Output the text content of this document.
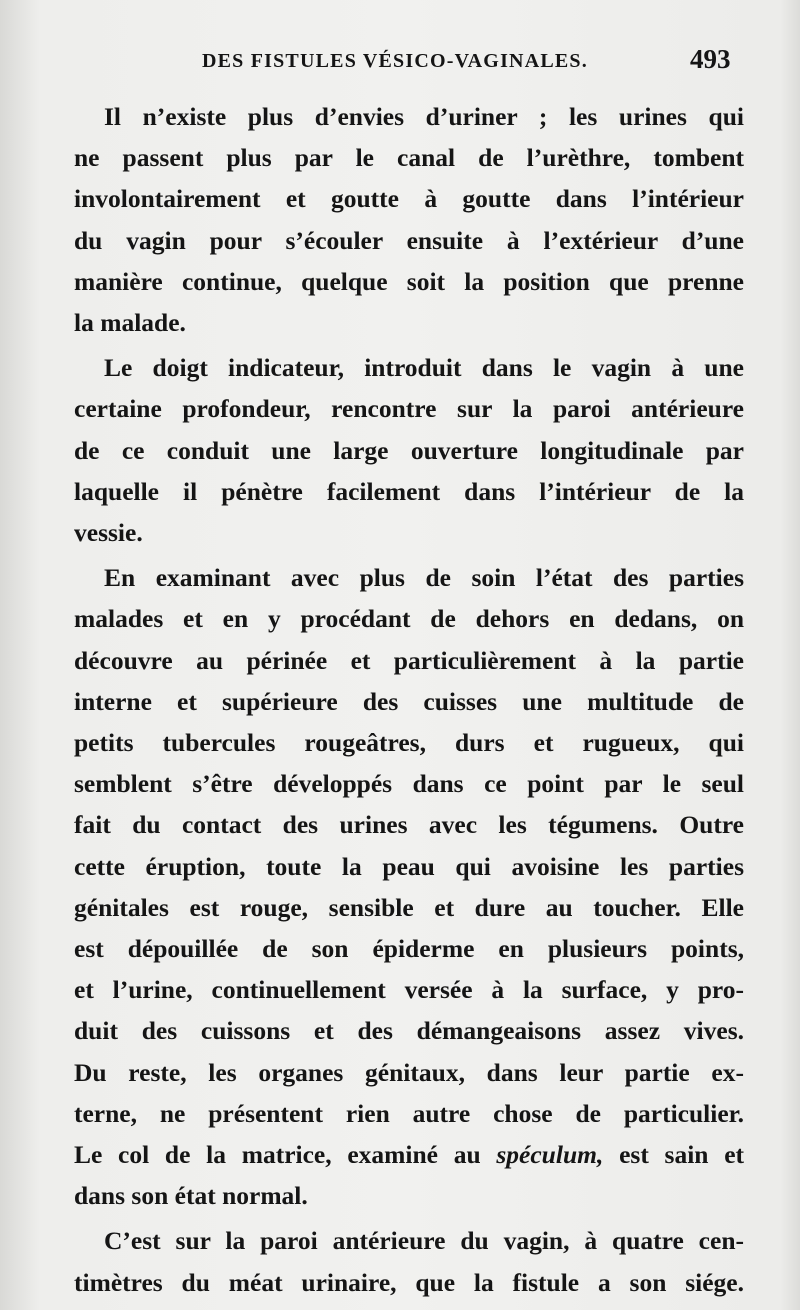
DES FISTULES VÉSICO-VAGINALES.	493

Il n’existe plus d’envies d’uriner ; les urines qui
ne passent plus par le canal de l’urèthre, tombent
involontairement et goutte à goutte dans l’intérieur
du vagin pour s’écouler ensuite à l’extérieur d’une
manière continue, quelque soit la position que prenne
la malade.

Le doigt indicateur, introduit dans le vagin à une
certaine profondeur, rencontre sur la paroi antérieure
de ce conduit une large ouverture longitudinale par
laquelle il pénètre facilement dans l’intérieur de la
vessie.

En examinant avec plus de soin l’état des parties
malades et en y procédant de dehors en dedans, on
découvre au périnée et particulièrement à la partie
interne et supérieure des cuisses une multitude de
petits tubercules rougeâtres, durs et rugueux, qui
semblent s’être développés dans ce point par le seul
fait du contact des urines avec les tégumens. Outre
cette éruption, toute la peau qui avoisine les parties
génitales est rouge, sensible et dure au toucher. Elle
est dépouillée de son épiderme en plusieurs points,
et l’urine, continuellement versée à la surface, y pro-
duit des cuissons et des démangeaisons assez vives.
Du reste, les organes génitaux, dans leur partie ex-
terne, ne présentent rien autre chose de particulier.
Le col de la matrice, examiné au spéculum, est sain et
dans son état normal.

C’est sur la paroi antérieure du vagin, à quatre cen-
timètres du méat urinaire, que la fistule a son siége.
